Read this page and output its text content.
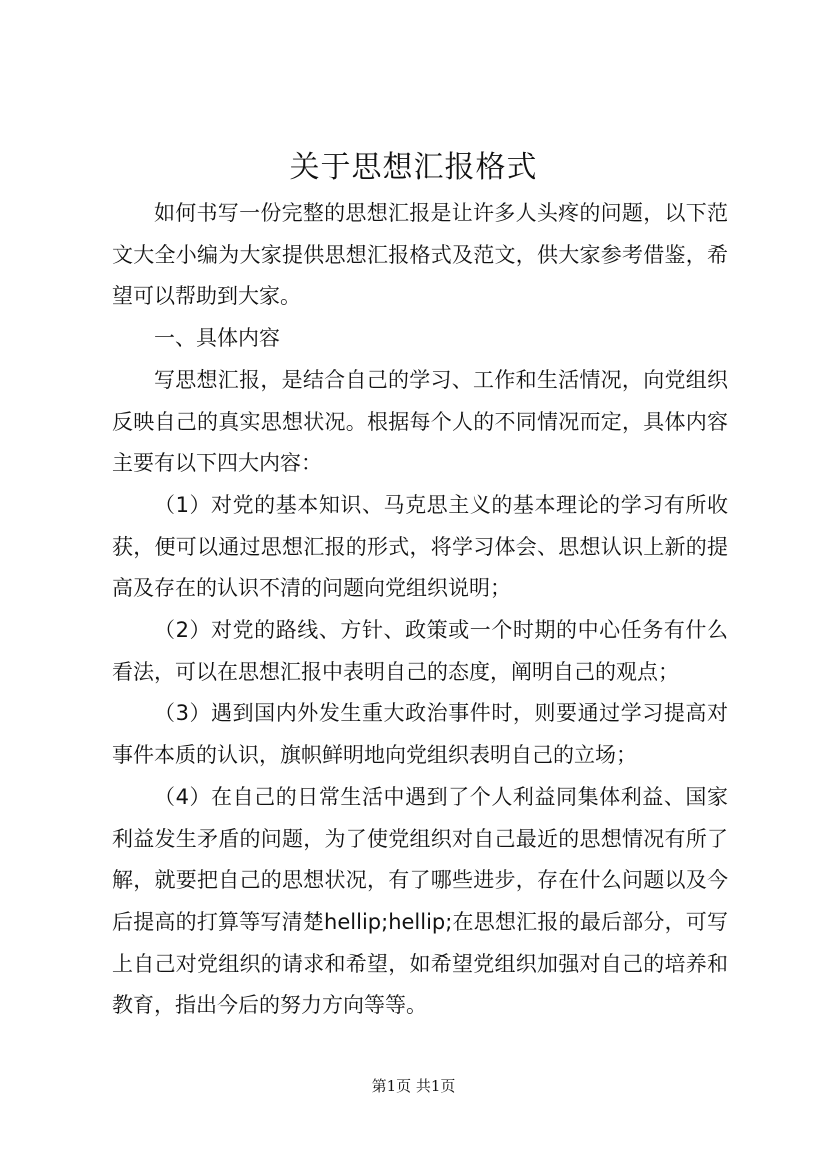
关于思想汇报格式

如何书写一份完整的思想汇报是让许多人头疼的问题，以下范文大全小编为大家提供思想汇报格式及范文，供大家参考借鉴，希望可以帮助到大家。

一、具体内容

写思想汇报，是结合自己的学习、工作和生活情况，向党组织反映自己的真实思想状况。根据每个人的不同情况而定，具体内容主要有以下四大内容：

（1）对党的基本知识、马克思主义的基本理论的学习有所收获，便可以通过思想汇报的形式，将学习体会、思想认识上新的提高及存在的认识不清的问题向党组织说明；

（2）对党的路线、方针、政策或一个时期的中心任务有什么看法，可以在思想汇报中表明自己的态度，阐明自己的观点；

（3）遇到国内外发生重大政治事件时，则要通过学习提高对事件本质的认识，旗帜鲜明地向党组织表明自己的立场；

（4）在自己的日常生活中遇到了个人利益同集体利益、国家利益发生矛盾的问题，为了使党组织对自己最近的思想情况有所了解，就要把自己的思想状况，有了哪些进步，存在什么问题以及今后提高的打算等写清楚hellip;hellip;在思想汇报的最后部分，可写上自己对党组织的请求和希望，如希望党组织加强对自己的培养和教育，指出今后的努力方向等等。

第1页 共1页
